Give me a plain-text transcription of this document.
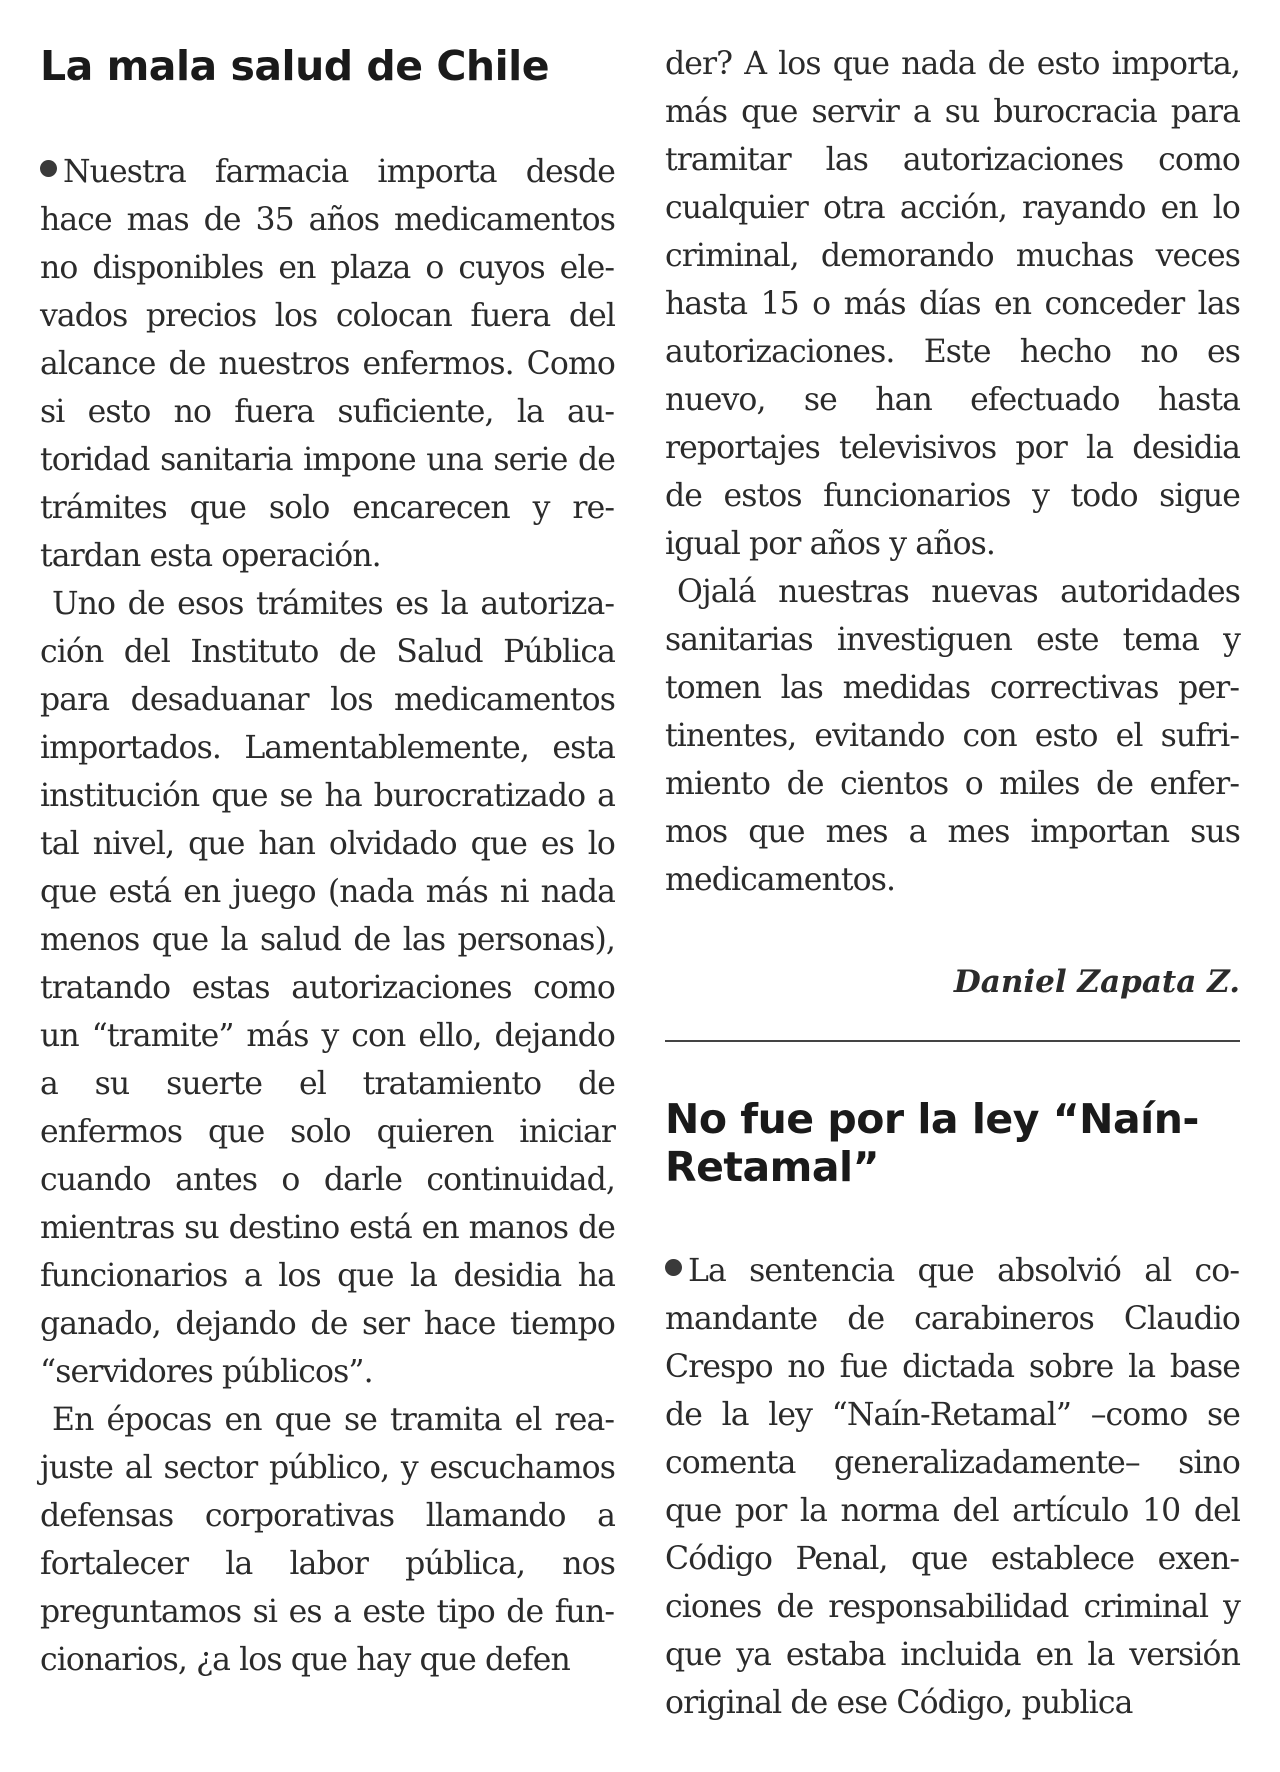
La mala salud de Chile

Nuestra farmacia importa desde hace mas de 35 años medicamentos no disponibles en plaza o cuyos elevados precios los colocan fuera del alcance de nuestros enfermos. Como si esto no fuera suficiente, la autoridad sanitaria impone una serie de trámites que solo encarecen y retardan esta operación.

Uno de esos trámites es la autorización del Instituto de Salud Pública para desaduanar los medicamentos importados. Lamentablemente, esta institución que se ha burocratizado a tal nivel, que han olvidado que es lo que está en juego (nada más ni nada menos que la salud de las personas), tratando estas autorizaciones como un “tramite” más y con ello, dejando a su suerte el tratamiento de enfermos que solo quieren iniciar cuando antes o darle continuidad, mientras su destino está en manos de funcionarios a los que la desidia ha ganado, dejando de ser hace tiempo “servidores públicos”.

En épocas en que se tramita el reajuste al sector público, y escuchamos defensas corporativas llamando a fortalecer la labor pública, nos preguntamos si es a este tipo de funcionarios, ¿a los que hay que defen

der? A los que nada de esto importa, más que servir a su burocracia para tramitar las autorizaciones como cualquier otra acción, rayando en lo criminal, demorando muchas veces hasta 15 o más días en conceder las autorizaciones. Este hecho no es nuevo, se han efectuado hasta reportajes televisivos por la desidia de estos funcionarios y todo sigue igual por años y años.

Ojalá nuestras nuevas autoridades sanitarias investiguen este tema y tomen las medidas correctivas pertinentes, evitando con esto el sufrimiento de cientos o miles de enfermos que mes a mes importan sus medicamentos.

Daniel Zapata Z.

No fue por la ley “Naín-Retamal”

La sentencia que absolvió al comandante de carabineros Claudio Crespo no fue dictada sobre la base de la ley “Naín-Retamal” –como se comenta generalizadamente– sino que por la norma del artículo 10 del Código Penal, que establece exenciones de responsabilidad criminal y que ya estaba incluida en la versión original de ese Código, publica
